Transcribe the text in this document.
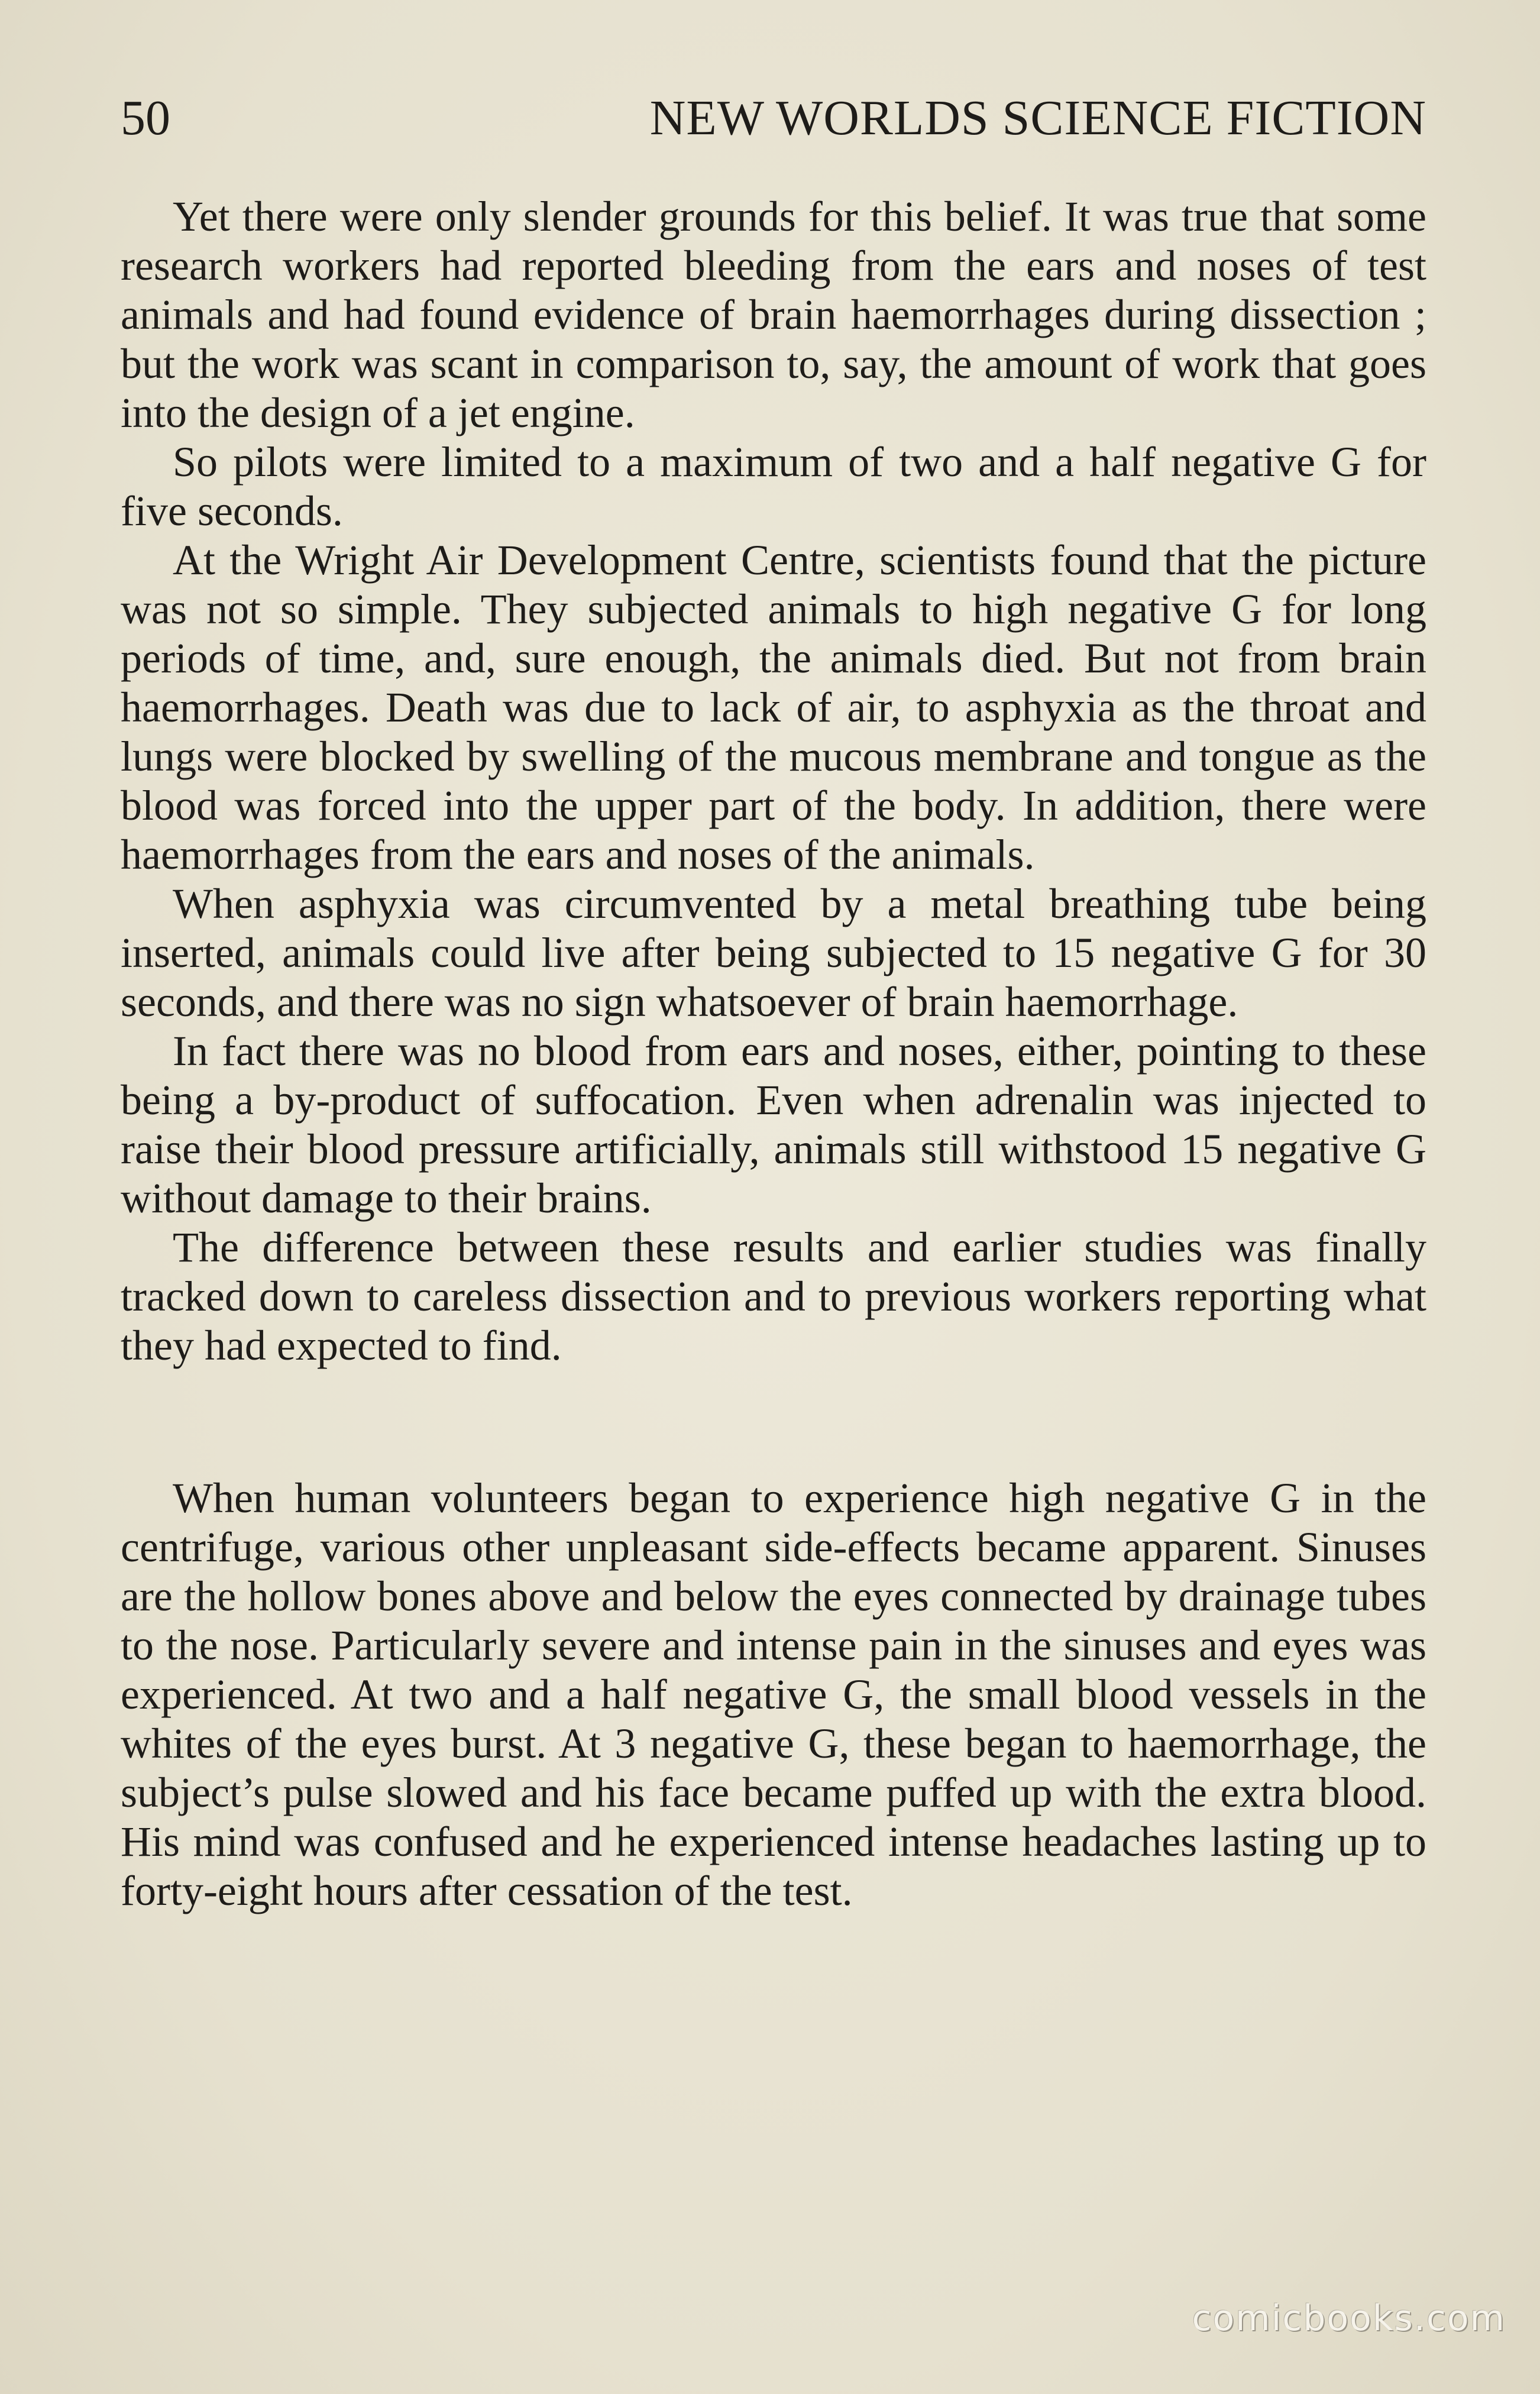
50	NEW WORLDS SCIENCE FICTION

Yet there were only slender grounds for this belief. It was true that some research workers had reported bleeding from the ears and noses of test animals and had found evidence of brain haemorrhages during dissection ; but the work was scant in comparison to, say, the amount of work that goes into the design of a jet engine.

So pilots were limited to a maximum of two and a half negative G for five seconds.

At the Wright Air Development Centre, scientists found that the picture was not so simple. They subjected animals to high negative G for long periods of time, and, sure enough, the animals died. But not from brain haemorrhages. Death was due to lack of air, to asphyxia as the throat and lungs were blocked by swelling of the mucous membrane and tongue as the blood was forced into the upper part of the body. In addition, there were haemorrhages from the ears and noses of the animals.

When asphyxia was circumvented by a metal breathing tube being inserted, animals could live after being subjected to 15 negative G for 30 seconds, and there was no sign whatsoever of brain haemorrhage.

In fact there was no blood from ears and noses, either, pointing to these being a by-product of suffocation. Even when adrenalin was injected to raise their blood pressure artificially, animals still withstood 15 negative G without damage to their brains.

The difference between these results and earlier studies was finally tracked down to careless dissection and to previous workers reporting what they had expected to find.

When human volunteers began to experience high negative G in the centrifuge, various other unpleasant side-effects became apparent. Sinuses are the hollow bones above and below the eyes connected by drainage tubes to the nose. Particularly severe and intense pain in the sinuses and eyes was experienced. At two and a half negative G, the small blood vessels in the whites of the eyes burst. At 3 negative G, these began to haemorrhage, the subject’s pulse slowed and his face became puffed up with the extra blood. His mind was confused and he experienced intense headaches lasting up to forty-eight hours after cessation of the test.

comicbooks.com
